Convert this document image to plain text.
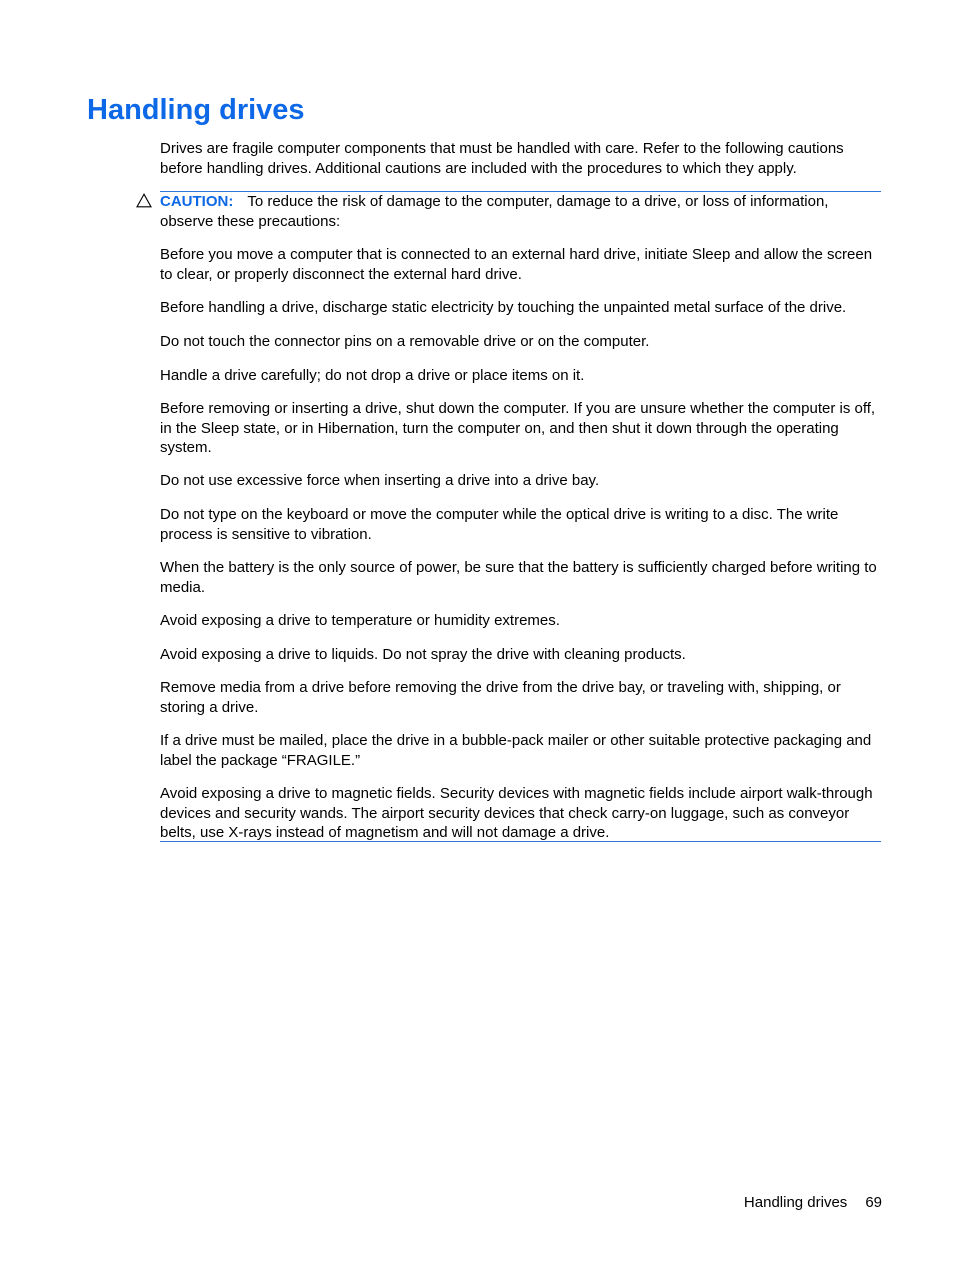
Handling drives

Drives are fragile computer components that must be handled with care. Refer to the following cautions before handling drives. Additional cautions are included with the procedures to which they apply.

CAUTION: To reduce the risk of damage to the computer, damage to a drive, or loss of information, observe these precautions:

Before you move a computer that is connected to an external hard drive, initiate Sleep and allow the screen to clear, or properly disconnect the external hard drive.

Before handling a drive, discharge static electricity by touching the unpainted metal surface of the drive.

Do not touch the connector pins on a removable drive or on the computer.

Handle a drive carefully; do not drop a drive or place items on it.

Before removing or inserting a drive, shut down the computer. If you are unsure whether the computer is off, in the Sleep state, or in Hibernation, turn the computer on, and then shut it down through the operating system.

Do not use excessive force when inserting a drive into a drive bay.

Do not type on the keyboard or move the computer while the optical drive is writing to a disc. The write process is sensitive to vibration.

When the battery is the only source of power, be sure that the battery is sufficiently charged before writing to media.

Avoid exposing a drive to temperature or humidity extremes.

Avoid exposing a drive to liquids. Do not spray the drive with cleaning products.

Remove media from a drive before removing the drive from the drive bay, or traveling with, shipping, or storing a drive.

If a drive must be mailed, place the drive in a bubble-pack mailer or other suitable protective packaging and label the package “FRAGILE.”

Avoid exposing a drive to magnetic fields. Security devices with magnetic fields include airport walk-through devices and security wands. The airport security devices that check carry-on luggage, such as conveyor belts, use X-rays instead of magnetism and will not damage a drive.

Handling drives 69
